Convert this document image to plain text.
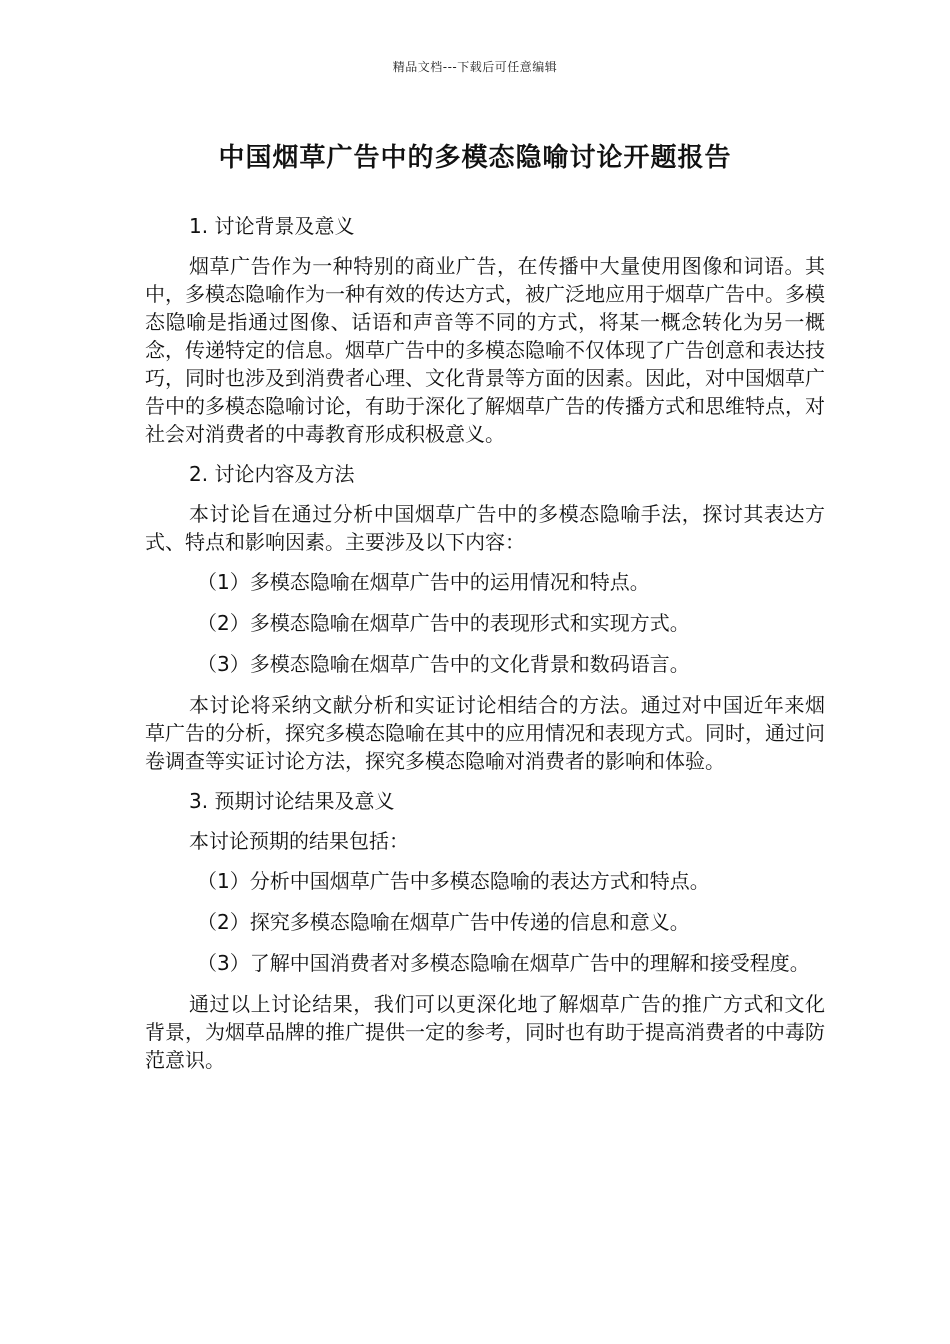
精品文档---下载后可任意编辑
中国烟草广告中的多模态隐喻讨论开题报告
1. 讨论背景及意义
烟草广告作为一种特别的商业广告，在传播中大量使用图像和词语。其中，多模态隐喻作为一种有效的传达方式，被广泛地应用于烟草广告中。多模态隐喻是指通过图像、话语和声音等不同的方式，将某一概念转化为另一概念，传递特定的信息。烟草广告中的多模态隐喻不仅体现了广告创意和表达技巧，同时也涉及到消费者心理、文化背景等方面的因素。因此，对中国烟草广告中的多模态隐喻讨论，有助于深化了解烟草广告的传播方式和思维特点，对社会对消费者的中毒教育形成积极意义。
2. 讨论内容及方法
本讨论旨在通过分析中国烟草广告中的多模态隐喻手法，探讨其表达方式、特点和影响因素。主要涉及以下内容：
（1）多模态隐喻在烟草广告中的运用情况和特点。
（2）多模态隐喻在烟草广告中的表现形式和实现方式。
（3）多模态隐喻在烟草广告中的文化背景和数码语言。
本讨论将采纳文献分析和实证讨论相结合的方法。通过对中国近年来烟草广告的分析，探究多模态隐喻在其中的应用情况和表现方式。同时，通过问卷调查等实证讨论方法，探究多模态隐喻对消费者的影响和体验。
3. 预期讨论结果及意义
本讨论预期的结果包括：
（1）分析中国烟草广告中多模态隐喻的表达方式和特点。
（2）探究多模态隐喻在烟草广告中传递的信息和意义。
（3）了解中国消费者对多模态隐喻在烟草广告中的理解和接受程度。
通过以上讨论结果，我们可以更深化地了解烟草广告的推广方式和文化背景，为烟草品牌的推广提供一定的参考，同时也有助于提高消费者的中毒防范意识。
